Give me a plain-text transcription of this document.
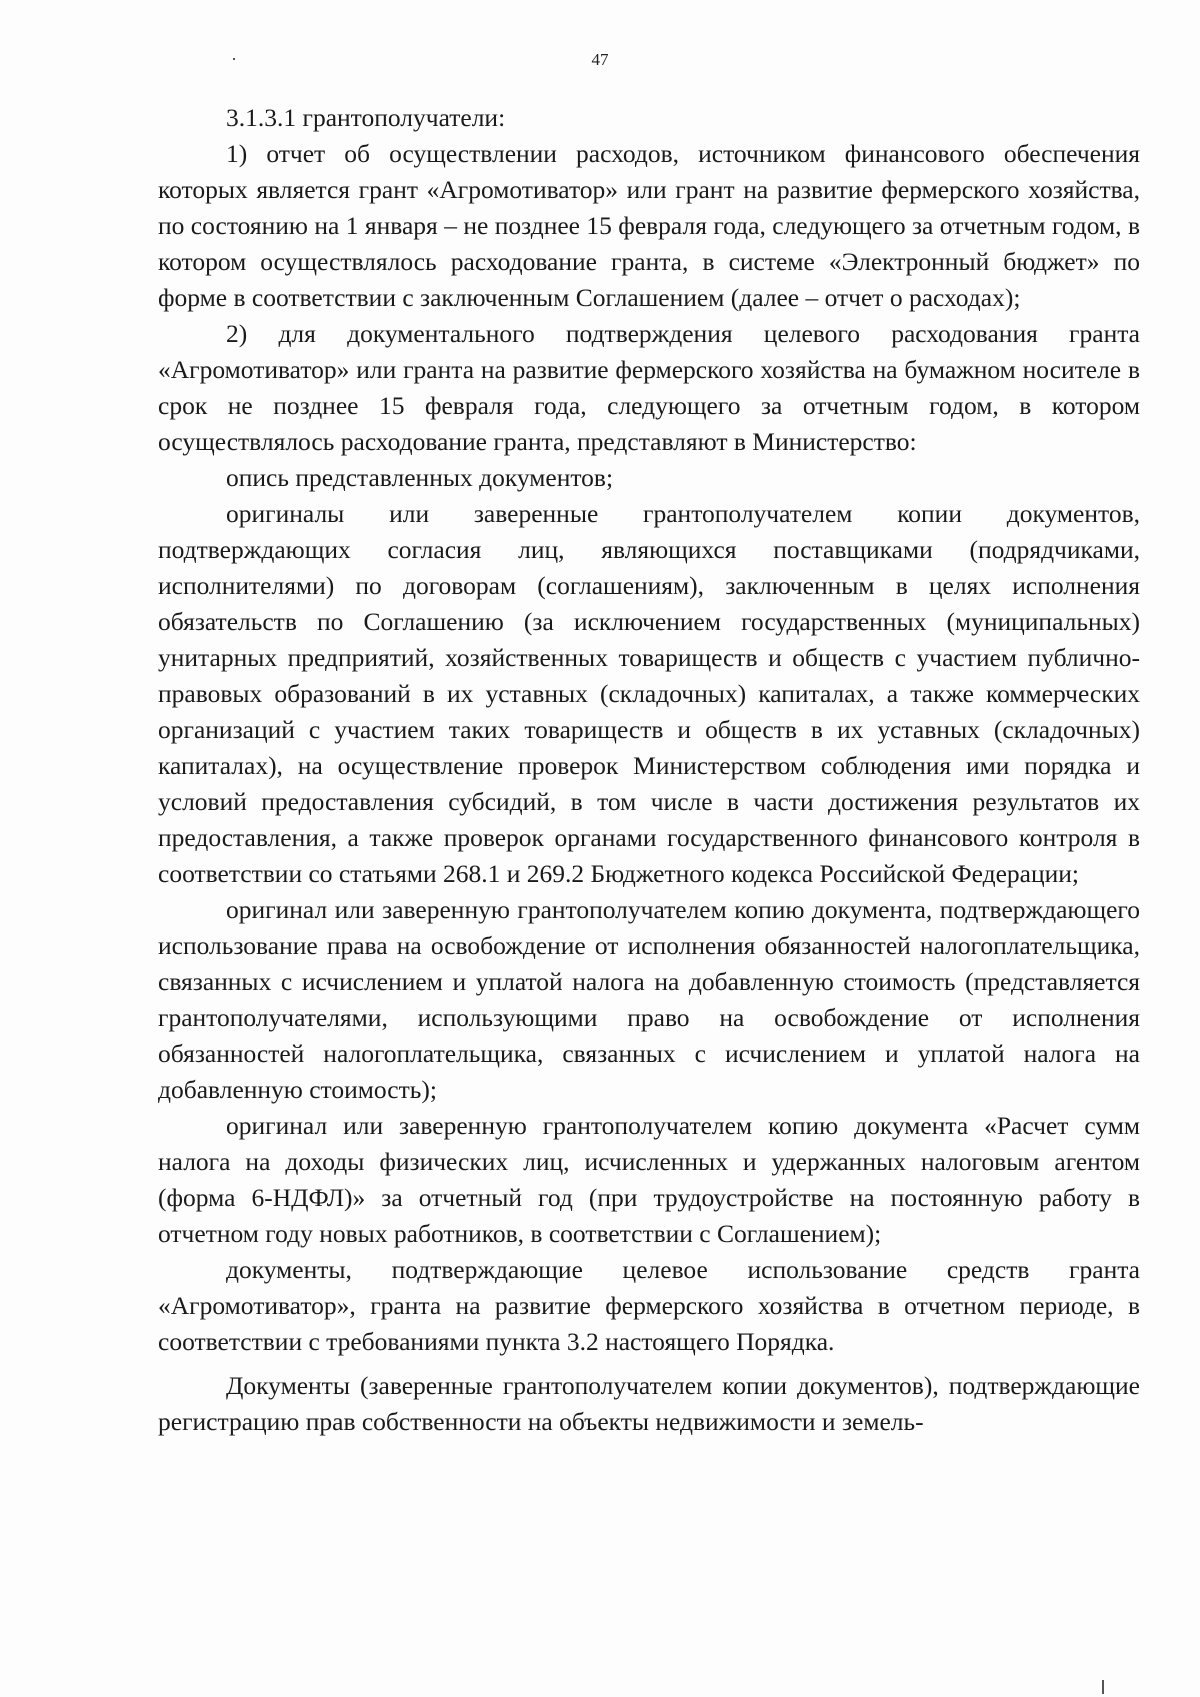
47

3.1.3.1 грантополучатели:

1) отчет об осуществлении расходов, источником финансового обеспечения которых является грант «Агромотиватор» или грант на развитие фермерского хозяйства, по состоянию на 1 января – не позднее 15 февраля года, следующего за отчетным годом, в котором осуществлялось расходование гранта, в системе «Электронный бюджет» по форме в соответствии с заключенным Соглашением (далее – отчет о расходах);

2) для документального подтверждения целевого расходования гранта «Агромотиватор» или гранта на развитие фермерского хозяйства на бумажном носителе в срок не позднее 15 февраля года, следующего за отчетным годом, в котором осуществлялось расходование гранта, представляют в Министерство:

опись представленных документов;

оригиналы или заверенные грантополучателем копии документов, подтверждающих согласия лиц, являющихся поставщиками (подрядчиками, исполнителями) по договорам (соглашениям), заключенным в целях исполнения обязательств по Соглашению (за исключением государственных (муниципальных) унитарных предприятий, хозяйственных товариществ и обществ с участием публично-правовых образований в их уставных (складочных) капиталах, а также коммерческих организаций с участием таких товариществ и обществ в их уставных (складочных) капиталах), на осуществление проверок Министерством соблюдения ими порядка и условий предоставления субсидий, в том числе в части достижения результатов их предоставления, а также проверок органами государственного финансового контроля в соответствии со статьями 268.1 и 269.2 Бюджетного кодекса Российской Федерации;

оригинал или заверенную грантополучателем копию документа, подтверждающего использование права на освобождение от исполнения обязанностей налогоплательщика, связанных с исчислением и уплатой налога на добавленную стоимость (представляется грантополучателями, использующими право на освобождение от исполнения обязанностей налогоплательщика, связанных с исчислением и уплатой налога на добавленную стоимость);

оригинал или заверенную грантополучателем копию документа «Расчет сумм налога на доходы физических лиц, исчисленных и удержанных налоговым агентом (форма 6-НДФЛ)» за отчетный год (при трудоустройстве на постоянную работу в отчетном году новых работников, в соответствии с Соглашением);

документы, подтверждающие целевое использование средств гранта «Агромотиватор», гранта на развитие фермерского хозяйства в отчетном периоде, в соответствии с требованиями пункта 3.2 настоящего Порядка.

Документы (заверенные грантополучателем копии документов), подтверждающие регистрацию прав собственности на объекты недвижимости и земель-
